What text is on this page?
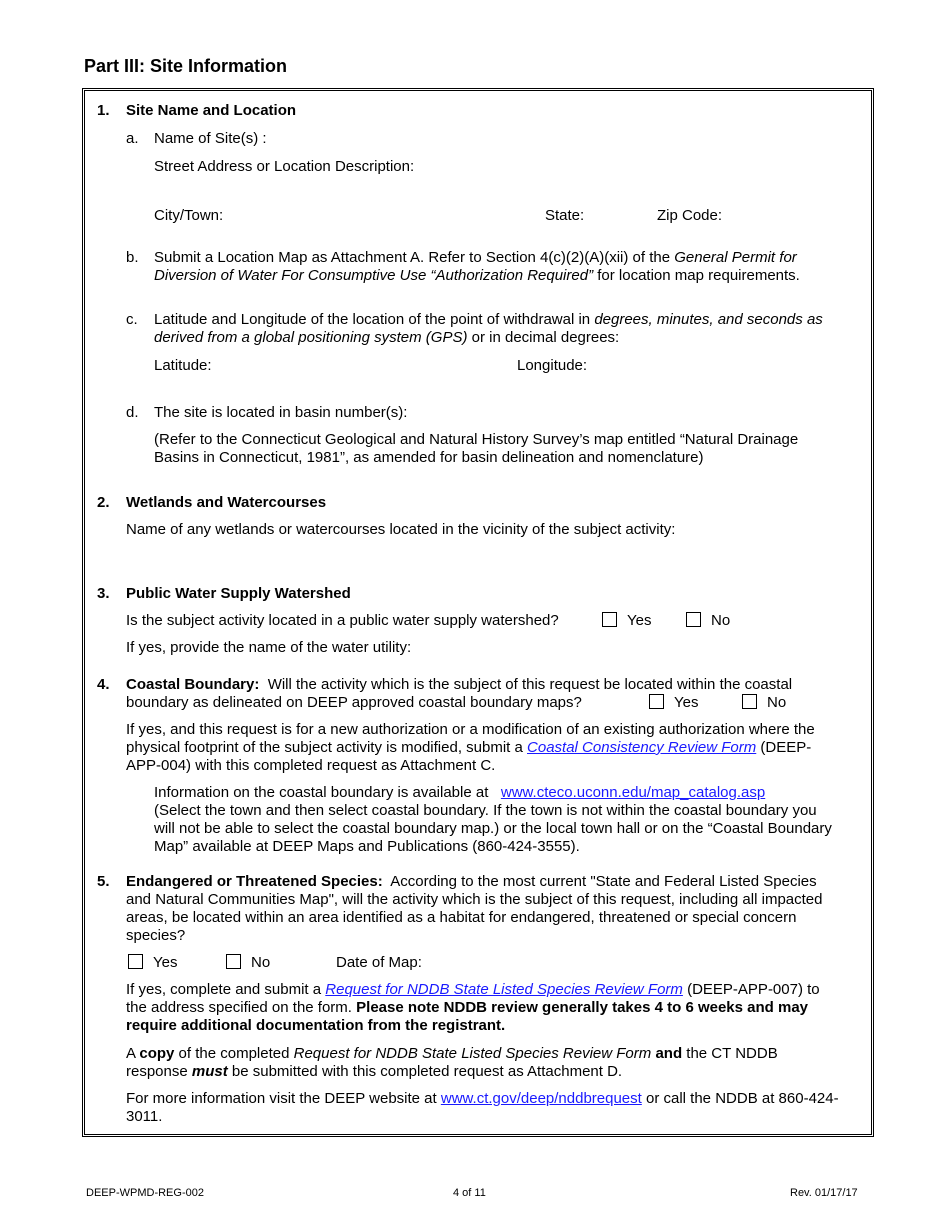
Part III: Site Information
1. Site Name and Location
a. Name of Site(s) :
Street Address or Location Description:
City/Town:	State:	Zip Code:
b. Submit a Location Map as Attachment A. Refer to Section 4(c)(2)(A)(xii) of the General Permit for
Diversion of Water For Consumptive Use “Authorization Required” for location map requirements.
c. Latitude and Longitude of the location of the point of withdrawal in degrees, minutes, and seconds as
derived from a global positioning system (GPS) or in decimal degrees:
Latitude:	Longitude:
d. The site is located in basin number(s):
(Refer to the Connecticut Geological and Natural History Survey’s map entitled “Natural Drainage
Basins in Connecticut, 1981”, as amended for basin delineation and nomenclature)
2. Wetlands and Watercourses
Name of any wetlands or watercourses located in the vicinity of the subject activity:
3. Public Water Supply Watershed
Is the subject activity located in a public water supply watershed?	Yes	No
If yes, provide the name of the water utility:
4. Coastal Boundary:  Will the activity which is the subject of this request be located within the coastal
boundary as delineated on DEEP approved coastal boundary maps?	Yes	No
If yes, and this request is for a new authorization or a modification of an existing authorization where the
physical footprint of the subject activity is modified, submit a Coastal Consistency Review Form (DEEP-
APP-004) with this completed request as Attachment C.
Information on the coastal boundary is available at   www.cteco.uconn.edu/map_catalog.asp
(Select the town and then select coastal boundary. If the town is not within the coastal boundary you
will not be able to select the coastal boundary map.) or the local town hall or on the “Coastal Boundary
Map” available at DEEP Maps and Publications (860-424-3555).
5. Endangered or Threatened Species:  According to the most current "State and Federal Listed Species
and Natural Communities Map", will the activity which is the subject of this request, including all impacted
areas, be located within an area identified as a habitat for endangered, threatened or special concern
species?
Yes	No	Date of Map:
If yes, complete and submit a Request for NDDB State Listed Species Review Form (DEEP-APP-007) to
the address specified on the form. Please note NDDB review generally takes 4 to 6 weeks and may
require additional documentation from the registrant.
A copy of the completed Request for NDDB State Listed Species Review Form and the CT NDDB
response must be submitted with this completed request as Attachment D.
For more information visit the DEEP website at www.ct.gov/deep/nddbrequest or call the NDDB at 860-424-
3011.
DEEP-WPMD-REG-002	4 of 11	Rev. 01/17/17
